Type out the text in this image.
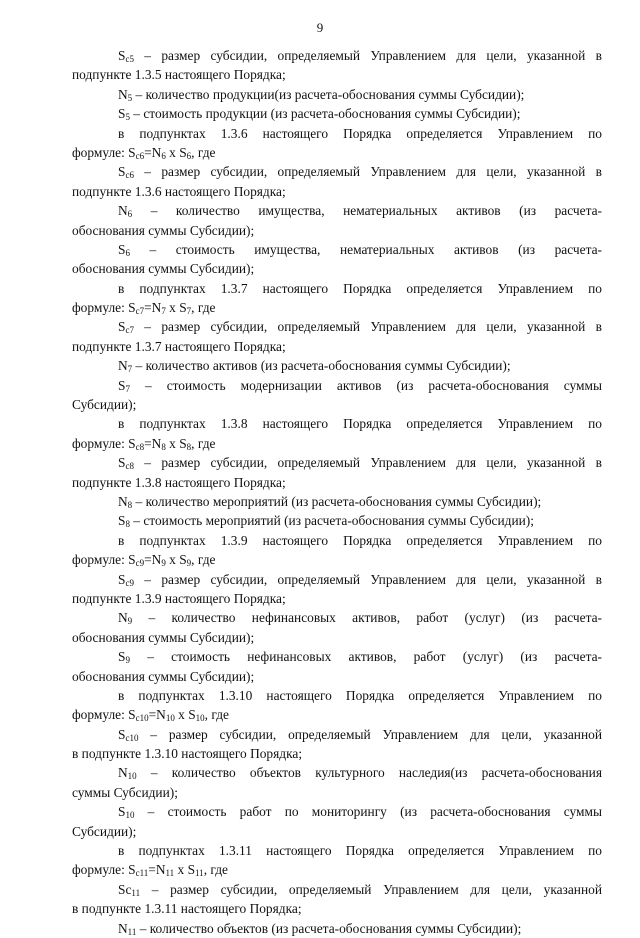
9
$S_{c5}$ – размер субсидии, определяемый Управлением для цели, указанной в
подпункте 1.3.5 настоящего Порядка;
$N_5$ – количество продукции(из расчета-обоснования суммы Субсидии);
$S_5$ – стоимость продукции (из расчета-обоснования суммы Субсидии);
в подпунктах 1.3.6 настоящего Порядка определяется Управлением по
формуле: $S_{c6}=N_6$ x $S_6$, где
$S_{c6}$ – размер субсидии, определяемый Управлением для цели, указанной в
подпункте 1.3.6 настоящего Порядка;
$N_6$ – количество имущества, нематериальных активов (из расчета-
обоснования суммы Субсидии);
$S_6$ – стоимость имущества, нематериальных активов (из расчета-
обоснования суммы Субсидии);
в подпунктах 1.3.7 настоящего Порядка определяется Управлением по
формуле: $S_{c7}=N_7$ x $S_7$, где
$S_{c7}$ – размер субсидии, определяемый Управлением для цели, указанной в
подпункте 1.3.7 настоящего Порядка;
$N_7$ – количество активов (из расчета-обоснования суммы Субсидии);
$S_7$ – стоимость модернизации активов (из расчета-обоснования суммы
Субсидии);
в подпунктах 1.3.8 настоящего Порядка определяется Управлением по
формуле: $S_{c8}=N_8$ x $S_8$, где
$S_{c8}$ – размер субсидии, определяемый Управлением для цели, указанной в
подпункте 1.3.8 настоящего Порядка;
$N_8$ – количество мероприятий (из расчета-обоснования суммы Субсидии);
$S_8$ – стоимость мероприятий (из расчета-обоснования суммы Субсидии);
в подпунктах 1.3.9 настоящего Порядка определяется Управлением по
формуле: $S_{c9}=N_9$ x $S_9$, где
$S_{c9}$ – размер субсидии, определяемый Управлением для цели, указанной в
подпункте 1.3.9 настоящего Порядка;
$N_9$ – количество нефинансовых активов, работ (услуг) (из расчета-
обоснования суммы Субсидии);
$S_9$ – стоимость нефинансовых активов, работ (услуг) (из расчета-
обоснования суммы Субсидии);
в подпунктах 1.3.10 настоящего Порядка определяется Управлением по
формуле: $S_{c10}=N_{10}$ x $S_{10}$, где
$S_{c10}$ – размер субсидии, определяемый Управлением для цели, указанной
в подпункте 1.3.10 настоящего Порядка;
$N_{10}$ – количество объектов культурного наследия(из расчета-обоснования
суммы Субсидии);
$S_{10}$ – стоимость работ по мониторингу (из расчета-обоснования суммы
Субсидии);
в подпунктах 1.3.11 настоящего Порядка определяется Управлением по
формуле: $S_{c11}=N_{11}$ x $S_{11}$, где
$Sc_{11}$ – размер субсидии, определяемый Управлением для цели, указанной
в подпункте 1.3.11 настоящего Порядка;
$N_{11}$ – количество объектов (из расчета-обоснования суммы Субсидии);
